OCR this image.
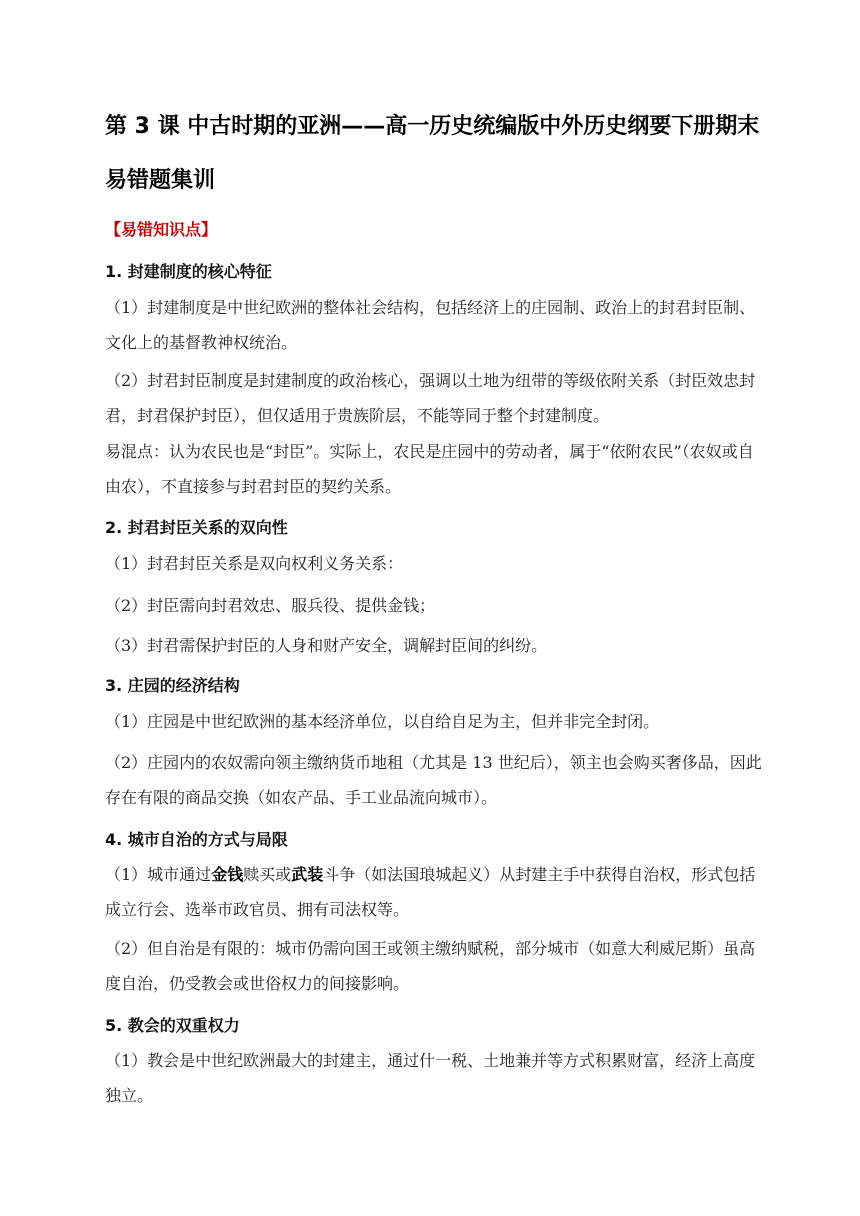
第 3 课 中古时期的亚洲——高一历史统编版中外历史纲要下册期末
易错题集训
【易错知识点】
1. 封建制度的核心特征
（1）封建制度是中世纪欧洲的整体社会结构，包括经济上的庄园制、政治上的封君封臣制、文化上的基督教神权统治。
（2）封君封臣制度是封建制度的政治核心，强调以土地为纽带的等级依附关系（封臣效忠封君，封君保护封臣），但仅适用于贵族阶层，不能等同于整个封建制度。
易混点：认为农民也是“封臣”。实际上，农民是庄园中的劳动者，属于“依附农民”（农奴或自由农），不直接参与封君封臣的契约关系。
2. 封君封臣关系的双向性
（1）封君封臣关系是双向权利义务关系：
（2）封臣需向封君效忠、服兵役、提供金钱；
（3）封君需保护封臣的人身和财产安全，调解封臣间的纠纷。
3. 庄园的经济结构
（1）庄园是中世纪欧洲的基本经济单位，以自给自足为主，但并非完全封闭。
（2）庄园内的农奴需向领主缴纳货币地租（尤其是 13 世纪后），领主也会购买奢侈品，因此存在有限的商品交换（如农产品、手工业品流向城市）。
4. 城市自治的方式与局限
（1）城市通过金钱赎买或武装斗争（如法国琅城起义）从封建主手中获得自治权，形式包括成立行会、选举市政官员、拥有司法权等。
（2）但自治是有限的：城市仍需向国王或领主缴纳赋税，部分城市（如意大利威尼斯）虽高度自治，仍受教会或世俗权力的间接影响。
5. 教会的双重权力
（1）教会是中世纪欧洲最大的封建主，通过什一税、土地兼并等方式积累财富，经济上高度独立。
